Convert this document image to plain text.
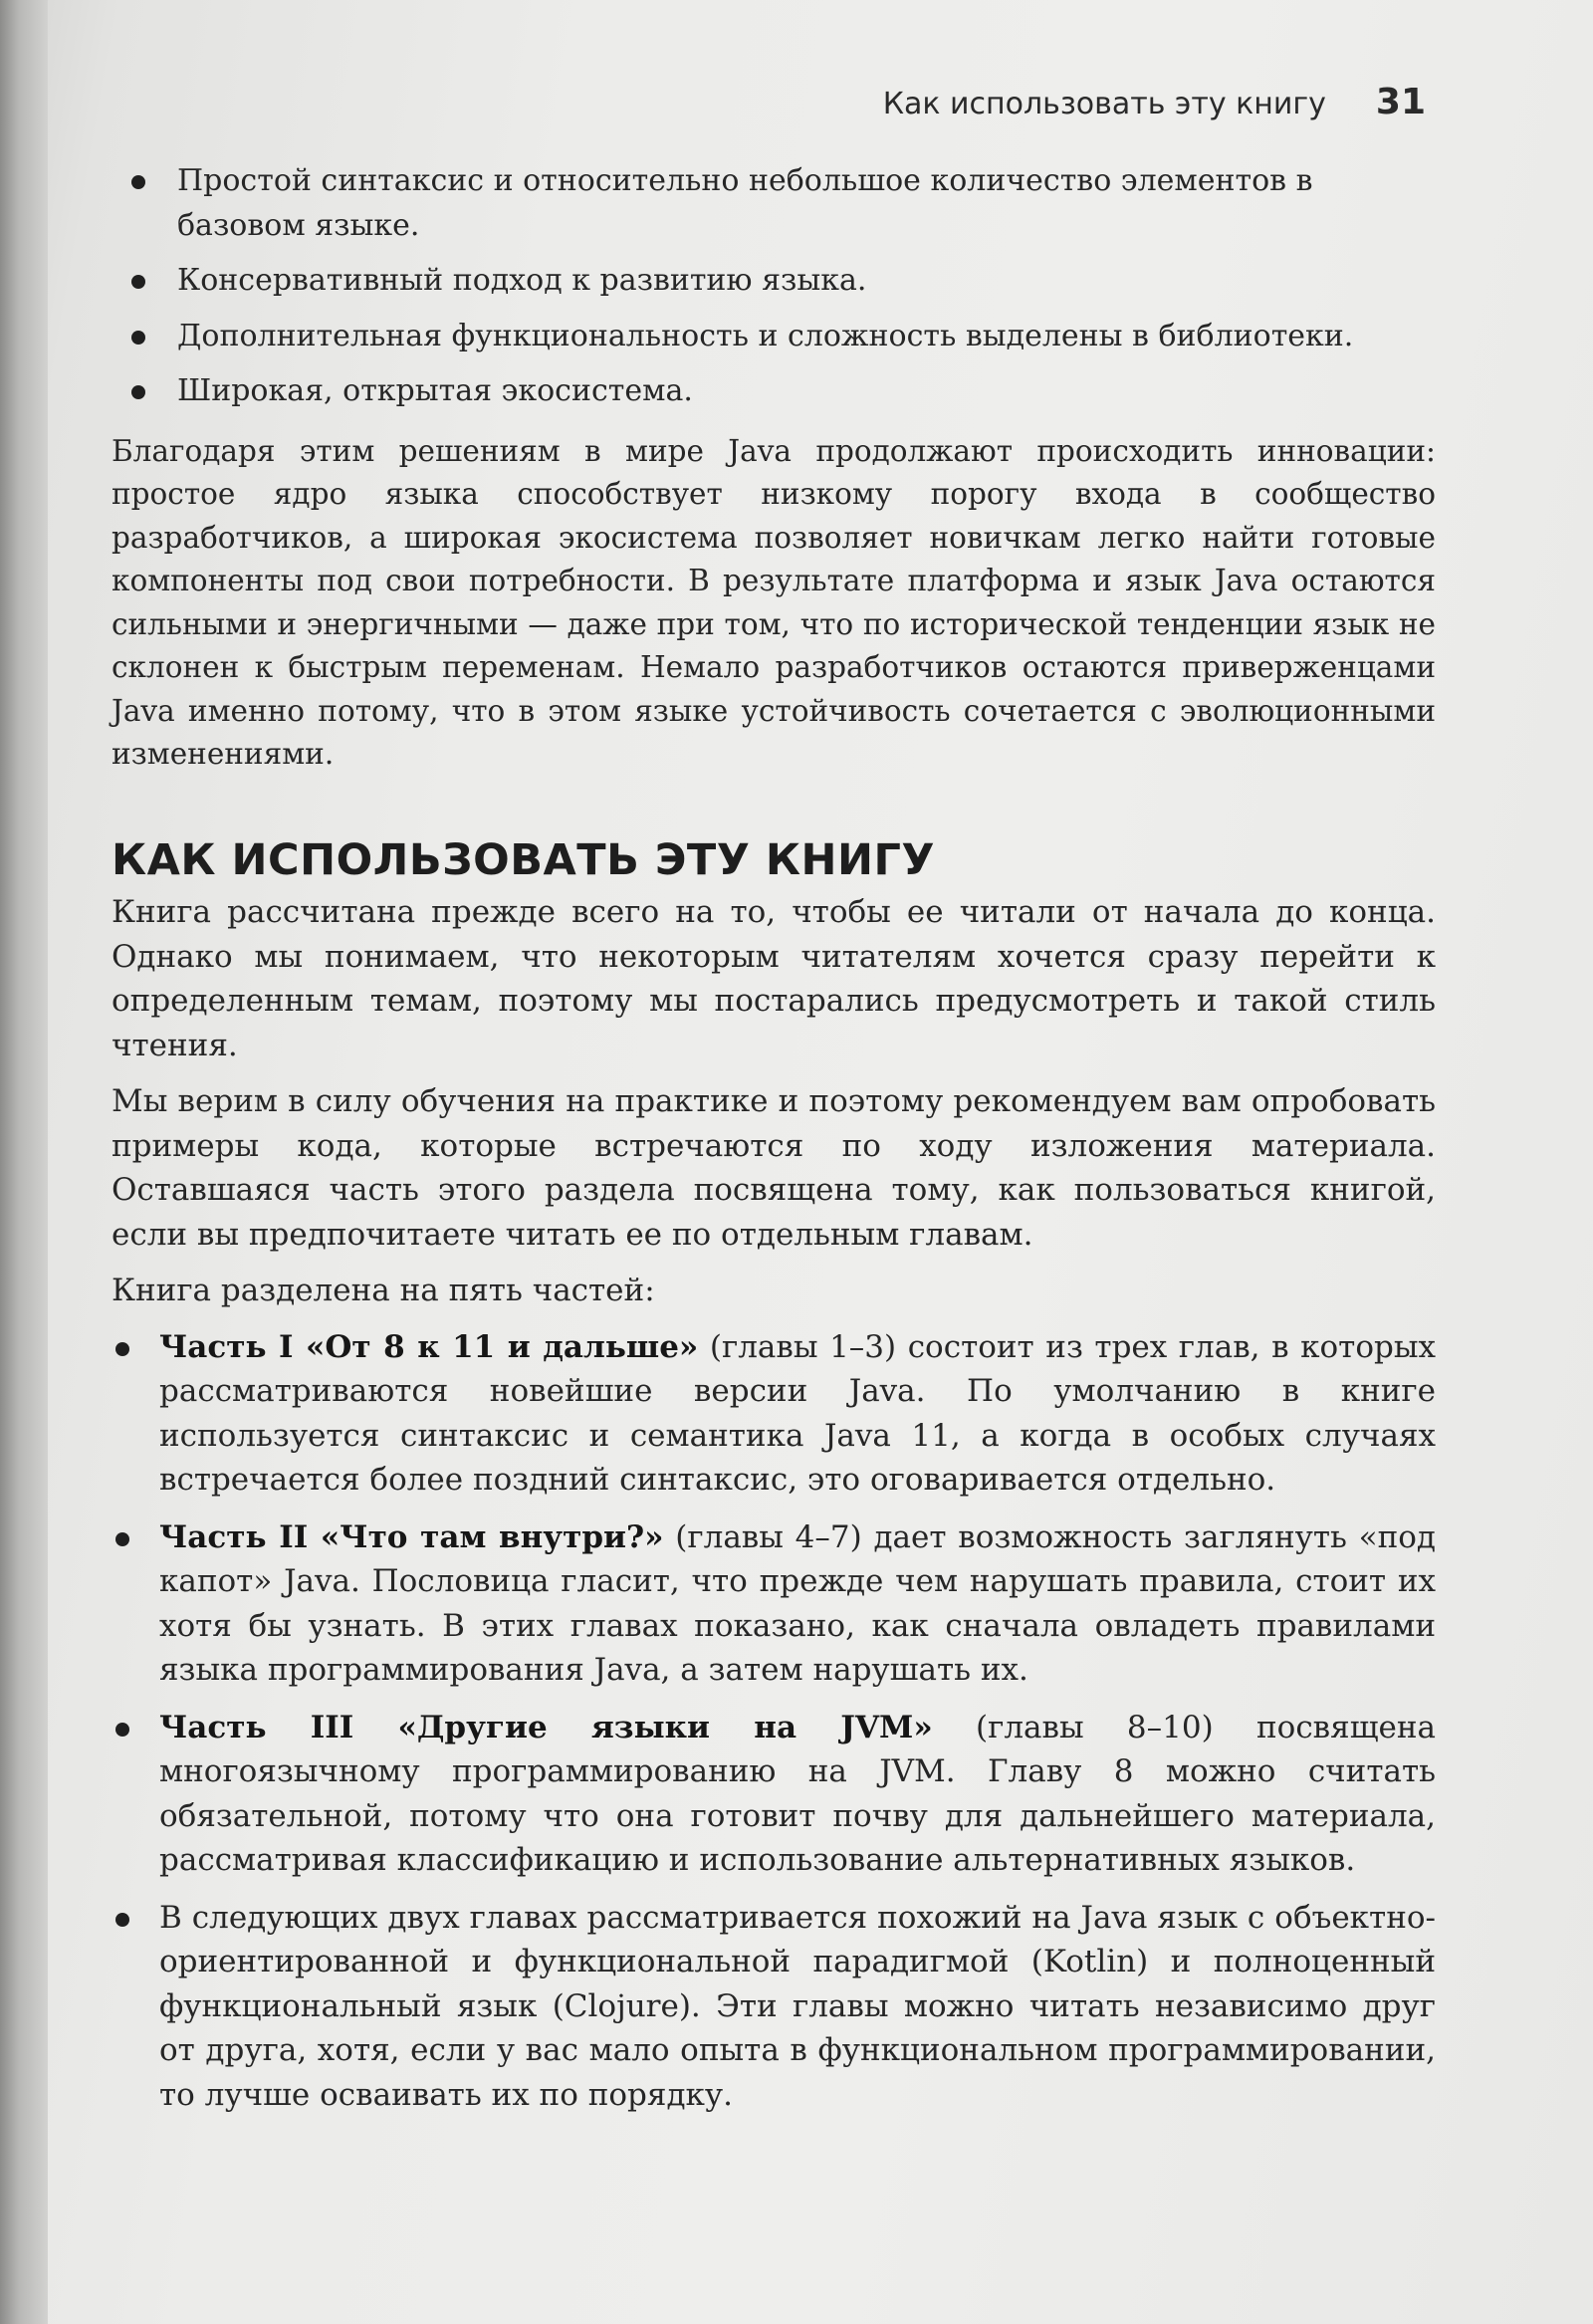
Как использовать эту книгу 31
Простой синтаксис и относительно небольшое количество элементов в базовом языке.
Консервативный подход к развитию языка.
Дополнительная функциональность и сложность выделены в библиотеки.
Широкая, открытая экосистема.

Благодаря этим решениям в мире Java продолжают происходить инновации: простое ядро языка способствует низкому порогу входа в сообщество разработчиков, а широкая экосистема позволяет новичкам легко найти готовые компоненты под свои потребности. В результате платформа и язык Java остаются сильными и энергичными — даже при том, что по исторической тенденции язык не склонен к быстрым переменам. Немало разработчиков остаются приверженцами Java именно потому, что в этом языке устойчивость сочетается с эволюционными изменениями.

КАК ИСПОЛЬЗОВАТЬ ЭТУ КНИГУ

Книга рассчитана прежде всего на то, чтобы ее читали от начала до конца. Однако мы понимаем, что некоторым читателям хочется сразу перейти к определенным темам, поэтому мы постарались предусмотреть и такой стиль чтения.

Мы верим в силу обучения на практике и поэтому рекомендуем вам опробовать примеры кода, которые встречаются по ходу изложения материала. Оставшаяся часть этого раздела посвящена тому, как пользоваться книгой, если вы предпочитаете читать ее по отдельным главам.

Книга разделена на пять частей:

Часть I «От 8 к 11 и дальше» (главы 1–3) состоит из трех глав, в которых рассматриваются новейшие версии Java. По умолчанию в книге используется синтаксис и семантика Java 11, а когда в особых случаях встречается более поздний синтаксис, это оговаривается отдельно.
Часть II «Что там внутри?» (главы 4–7) дает возможность заглянуть «под капот» Java. Пословица гласит, что прежде чем нарушать правила, стоит их хотя бы узнать. В этих главах показано, как сначала овладеть правилами языка программирования Java, а затем нарушать их.
Часть III «Другие языки на JVM» (главы 8–10) посвящена многоязычному программированию на JVM. Главу 8 можно считать обязательной, потому что она готовит почву для дальнейшего материала, рассматривая классификацию и использование альтернативных языков.
В следующих двух главах рассматривается похожий на Java язык с объектно-ориентированной и функциональной парадигмой (Kotlin) и полноценный функциональный язык (Clojure). Эти главы можно читать независимо друг от друга, хотя, если у вас мало опыта в функциональном программировании, то лучше осваивать их по порядку.
